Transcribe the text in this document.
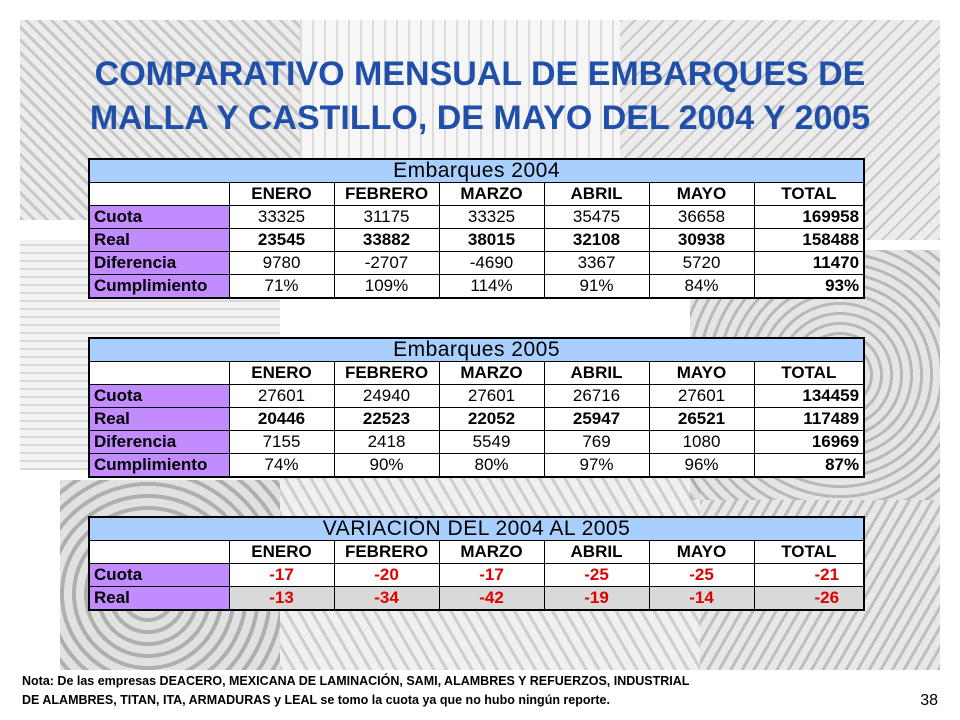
COMPARATIVO MENSUAL DE EMBARQUES DE
MALLA Y CASTILLO, DE MAYO DEL 2004 Y 2005
Embarques 2004						
	ENERO	FEBRERO	MARZO	ABRIL	MAYO	TOTAL
Cuota	33325	31175	33325	35475	36658	169958
Real	23545	33882	38015	32108	30938	158488
Diferencia	9780	-2707	-4690	3367	5720	11470
Cumplimiento	71%	109%	114%	91%	84%	93%
Embarques 2005						
	ENERO	FEBRERO	MARZO	ABRIL	MAYO	TOTAL
Cuota	27601	24940	27601	26716	27601	134459
Real	20446	22523	22052	25947	26521	117489
Diferencia	7155	2418	5549	769	1080	16969
Cumplimiento	74%	90%	80%	97%	96%	87%
VARIACIÓN DEL 2004 AL 2005						
	ENERO	FEBRERO	MARZO	ABRIL	MAYO	TOTAL
Cuota	-17	-20	-17	-25	-25	-21
Real	-13	-34	-42	-19	-14	-26
Nota: De las empresas DEACERO, MEXICANA DE LAMINACIÓN, SAMI, ALAMBRES Y REFUERZOS, INDUSTRIAL
DE ALAMBRES, TITAN, ITA, ARMADURAS y LEAL se tomo la cuota ya que no hubo ningún reporte.	38
